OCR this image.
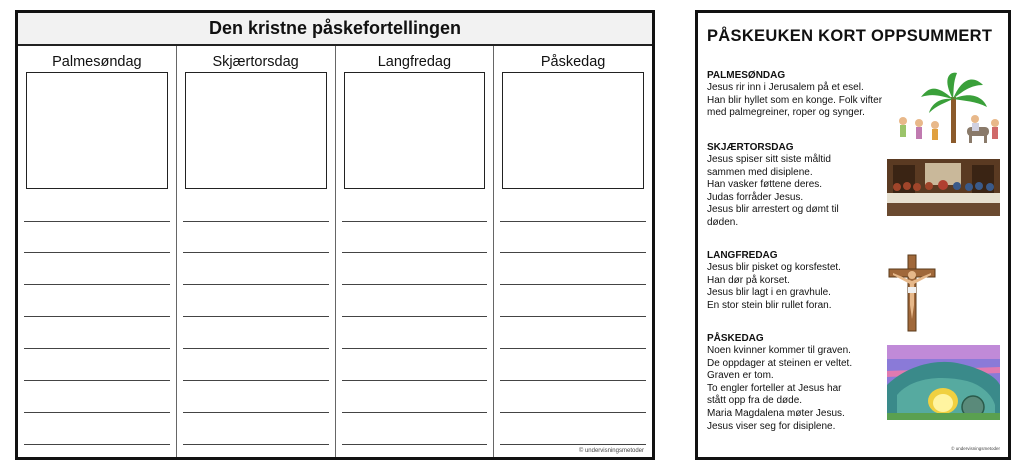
Den kristne påskefortellingen
Palmesøndag	Skjærtorsdag	Langfredag	Påskedag
© undervisningsmetoder
PÅSKEUKEN KORT OPPSUMMERT
PALMESØNDAG

Jesus rir inn i Jerusalem på et esel.

Han blir hyllet som en konge. Folk vifter

med palmegreiner, roper og synger.

SKJÆRTORSDAG

Jesus spiser sitt siste måltid

sammen med disiplene.

Han vasker føttene deres.

Judas forråder Jesus.

Jesus blir arrestert og dømt til

døden.

LANGFREDAG

Jesus blir pisket og korsfestet.

Han dør på korset.

Jesus blir lagt i en gravhule.

En stor stein blir rullet foran.

PÅSKEDAG

Noen kvinner kommer til graven.

De oppdager at steinen er veltet.

Graven er tom.

To engler forteller at Jesus har

stått opp fra de døde.

Maria Magdalena møter Jesus.

Jesus viser seg for disiplene.

© undervisningsmetoder
